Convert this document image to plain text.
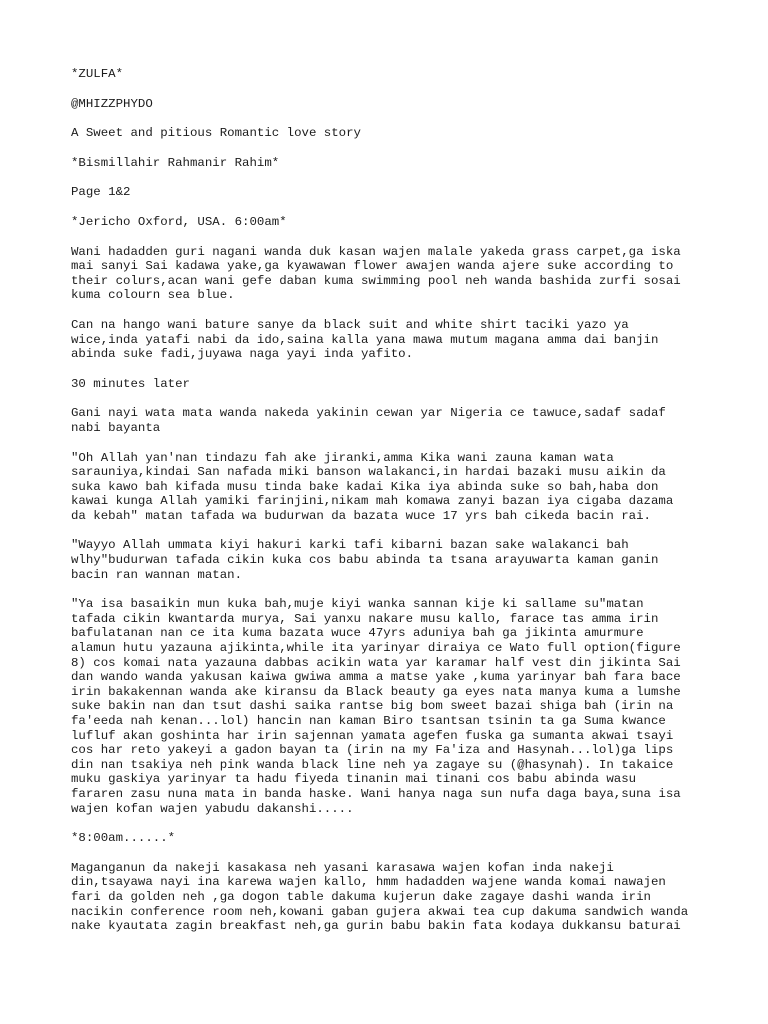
*ZULFA*

@MHIZZPHYDO

A Sweet and pitious Romantic love story

*Bismillahir Rahmanir Rahim*

Page 1&2

*Jericho Oxford, USA. 6:00am*

Wani hadadden guri nagani wanda duk kasan wajen malale yakeda grass carpet,ga iska
mai sanyi Sai kadawa yake,ga kyawawan flower awajen wanda ajere suke according to
their colurs,acan wani gefe daban kuma swimming pool neh wanda bashida zurfi sosai
kuma colourn sea blue.

Can na hango wani bature sanye da black suit and white shirt taciki yazo ya
wice,inda yatafi nabi da ido,saina kalla yana mawa mutum magana amma dai banjin
abinda suke fadi,juyawa naga yayi inda yafito.

30 minutes later

Gani nayi wata mata wanda nakeda yakinin cewan yar Nigeria ce tawuce,sadaf sadaf
nabi bayanta

"Oh Allah yan'nan tindazu fah ake jiranki,amma Kika wani zauna kaman wata
sarauniya,kindai San nafada miki banson walakanci,in hardai bazaki musu aikin da
suka kawo bah kifada musu tinda bake kadai Kika iya abinda suke so bah,haba don
kawai kunga Allah yamiki farinjini,nikam mah komawa zanyi bazan iya cigaba dazama
da kebah" matan tafada wa budurwan da bazata wuce 17 yrs bah cikeda bacin rai.

"Wayyo Allah ummata kiyi hakuri karki tafi kibarni bazan sake walakanci bah
wlhy"budurwan tafada cikin kuka cos babu abinda ta tsana arayuwarta kaman ganin
bacin ran wannan matan.

"Ya isa basaikin mun kuka bah,muje kiyi wanka sannan kije ki sallame su"matan
tafada cikin kwantarda murya, Sai yanxu nakare musu kallo, farace tas amma irin
bafulatanan nan ce ita kuma bazata wuce 47yrs aduniya bah ga jikinta amurmure
alamun hutu yazauna ajikinta,while ita yarinyar diraiya ce Wato full option(figure
8) cos komai nata yazauna dabbas acikin wata yar karamar half vest din jikinta Sai
dan wando wanda yakusan kaiwa gwiwa amma a matse yake ,kuma yarinyar bah fara bace
irin bakakennan wanda ake kiransu da Black beauty ga eyes nata manya kuma a lumshe
suke bakin nan dan tsut dashi saika rantse big bom sweet bazai shiga bah (irin na
fa'eeda nah kenan...lol) hancin nan kaman Biro tsantsan tsinin ta ga Suma kwance
lufluf akan goshinta har irin sajennan yamata agefen fuska ga sumanta akwai tsayi
cos har reto yakeyi a gadon bayan ta (irin na my Fa'iza and Hasynah...lol)ga lips
din nan tsakiya neh pink wanda black line neh ya zagaye su (@hasynah). In takaice
muku gaskiya yarinyar ta hadu fiyeda tinanin mai tinani cos babu abinda wasu
fararen zasu nuna mata in banda haske. Wani hanya naga sun nufa daga baya,suna isa
wajen kofan wajen yabudu dakanshi.....

*8:00am......*

Maganganun da nakeji kasakasa neh yasani karasawa wajen kofan inda nakeji
din,tsayawa nayi ina karewa wajen kallo, hmm hadadden wajene wanda komai nawajen
fari da golden neh ,ga dogon table dakuma kujerun dake zagaye dashi wanda irin
nacikin conference room neh,kowani gaban gujera akwai tea cup dakuma sandwich wanda
nake kyautata zagin breakfast neh,ga gurin babu bakin fata kodaya dukkansu baturai
